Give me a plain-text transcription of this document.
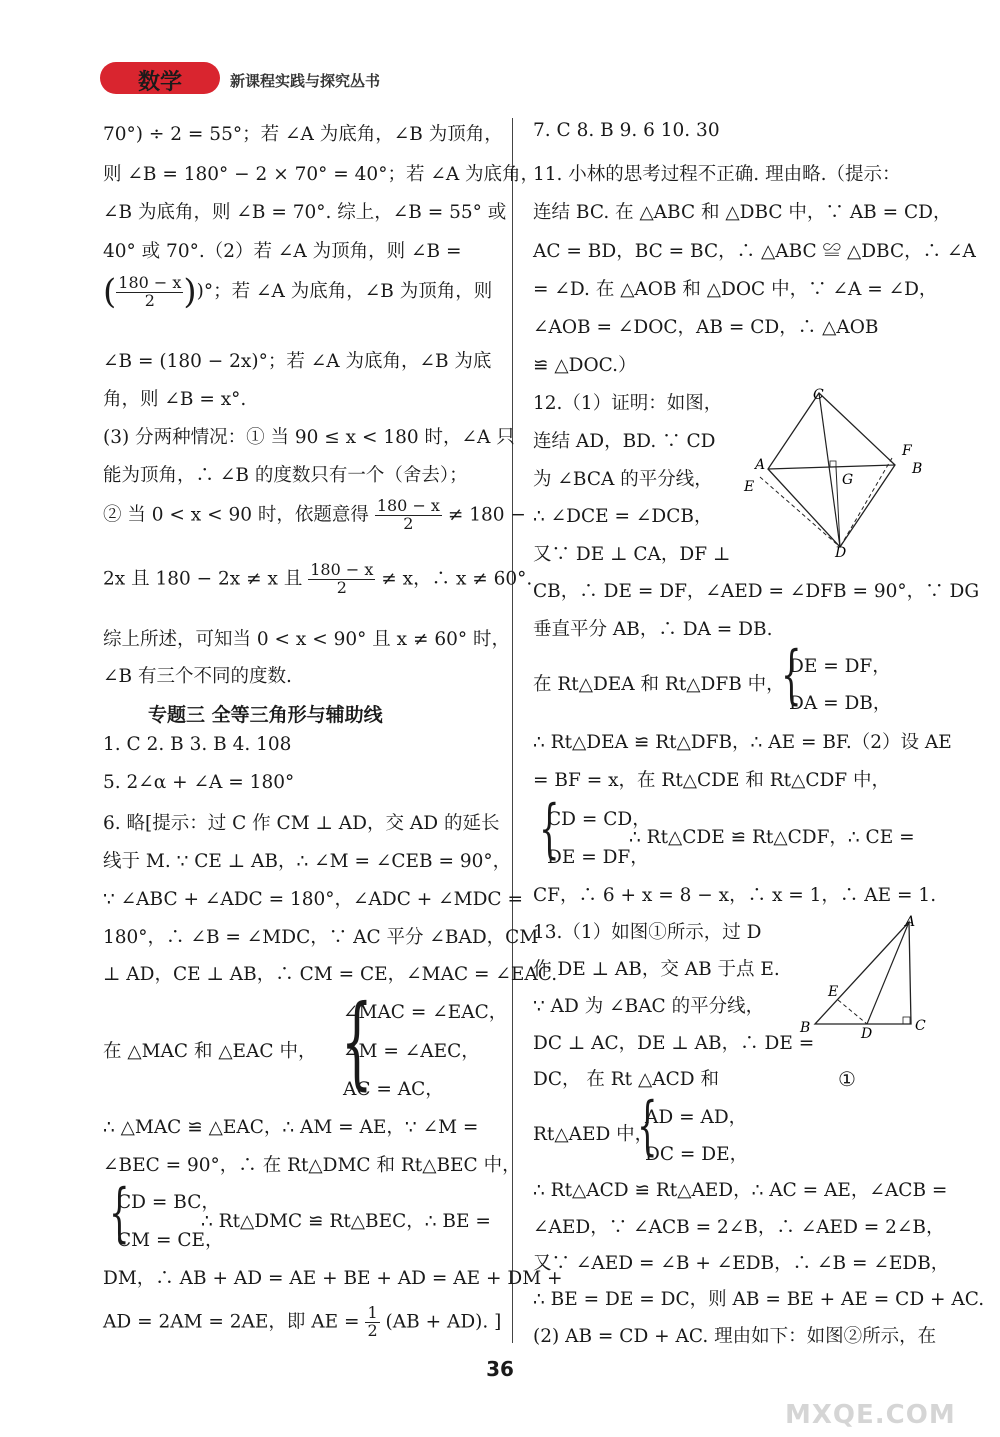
数学	新课程实践与探究丛书
70°) ÷ 2 = 55°；若 ∠A 为底角，∠B 为顶角，
则 ∠B = 180° − 2 × 70° = 40°；若 ∠A 为底角，
∠B 为底角，则 ∠B = 70°. 综上，∠B = 55° 或
40° 或 70°.（2）若 ∠A 为顶角，则 ∠B =
( $\frac{180 - x}{2}$ ))°；若 ∠A 为底角，∠B 为顶角，则
∠B = (180 − 2x)°；若 ∠A 为底角，∠B 为底
角，则 ∠B = x°.
(3) 分两种情况：① 当 90 ≤ x < 180 时，∠A 只
能为顶角，∴ ∠B 的度数只有一个（舍去）；
② 当 0 < x < 90 时，依题意得 $\frac{180 - x}{2} \ne 180$ −
2x 且 180 − 2x ≠ x 且 $\frac{180 - x}{2} \ne x$，∴ x ≠ 60°.
综上所述，可知当 0 < x < 90° 且 x ≠ 60° 时，
∠B 有三个不同的度数.
专题三 全等三角形与辅助线
1. C 2. B 3. B 4. 108
5. 2∠α + ∠A = 180°
6. 略[提示：过 C 作 CM ⊥ AD，交 AD 的延长
线于 M. ∵ CE ⊥ AB，∴ ∠M = ∠CEB = 90°，
∵ ∠ABC + ∠ADC = 180°，∠ADC + ∠MDC =
180°，∴ ∠B = ∠MDC，∵ AC 平分 ∠BAD，CM
⊥ AD，CE ⊥ AB，∴ CM = CE，∠MAC = ∠EAC.
在 △MAC 和 △EAC 中， {
∠MAC = ∠EAC，
∠M = ∠AEC，
AC = AC，
∴ △MAC ≌ △EAC，∴ AM = AE，∵ ∠M =
∠BEC = 90°，∴ 在 Rt△DMC 和 Rt△BEC 中，
{
CD = BC，
CM = CE，
∴ Rt△DMC ≌ Rt△BEC，∴ BE =
DM，∴ AB + AD = AE + BE + AD = AE + DM +
AD = 2AM = 2AE，即 AE = $\frac{1}{2} (AB + AD)$. ]
7. C 8. B 9. 6 10. 30
11. 小林的思考过程不正确. 理由略.（提示：
连结 BC. 在 △ABC 和 △DBC 中，∵ AB = CD，
AC = BD，BC = BC，∴ △ABC ≌ △DBC，∴ ∠A
= ∠D. 在 △AOB 和 △DOC 中，∵ ∠A = ∠D，
∠AOB = ∠DOC，AB = CD，∴ △AOB
≌ △DOC.）
12.（1）证明：如图，
连结 AD，BD. ∵ CD
为 ∠BCA 的平分线，
∴ ∠DCE = ∠DCB，
又∵ DE ⊥ CA，DF ⊥
CB，∴ DE = DF，∠AED = ∠DFB = 90°，∵ DG
垂直平分 AB，∴ DA = DB.
在 Rt△DEA 和 Rt△DFB 中，
{
DE = DF，
DA = DB，
∴ Rt△DEA ≌ Rt△DFB，∴ AE = BF.（2）设 AE
= BF = x，在 Rt△CDE 和 Rt△CDF 中，
{
CD = CD，
DE = DF，
∴ Rt△CDE ≌ Rt△CDF，∴ CE =
CF，∴ 6 + x = 8 − x，∴ x = 1，∴ AE = 1.
13.（1）如图①所示，过 D
作 DE ⊥ AB，交 AB 于点 E.
∵ AD 为 ∠BAC 的平分线，
DC ⊥ AC，DE ⊥ AB，∴ DE =
DC， 在 Rt △ACD 和
Rt△AED 中，
{
AD = AD，
DC = DE，
∴ Rt△ACD ≌ Rt△AED，∴ AC = AE，∠ACB =
∠AED，∵ ∠ACB = 2∠B，∴ ∠AED = 2∠B，
又∵ ∠AED = ∠B + ∠EDB，∴ ∠B = ∠EDB，
∴ BE = DE = DC，则 AB = BE + AE = CD + AC.
(2) AB = CD + AC. 理由如下：如图②所示，在
C
A	B
D
E
F
G
A
B	C
D
E
①
36
MXQE.COM
